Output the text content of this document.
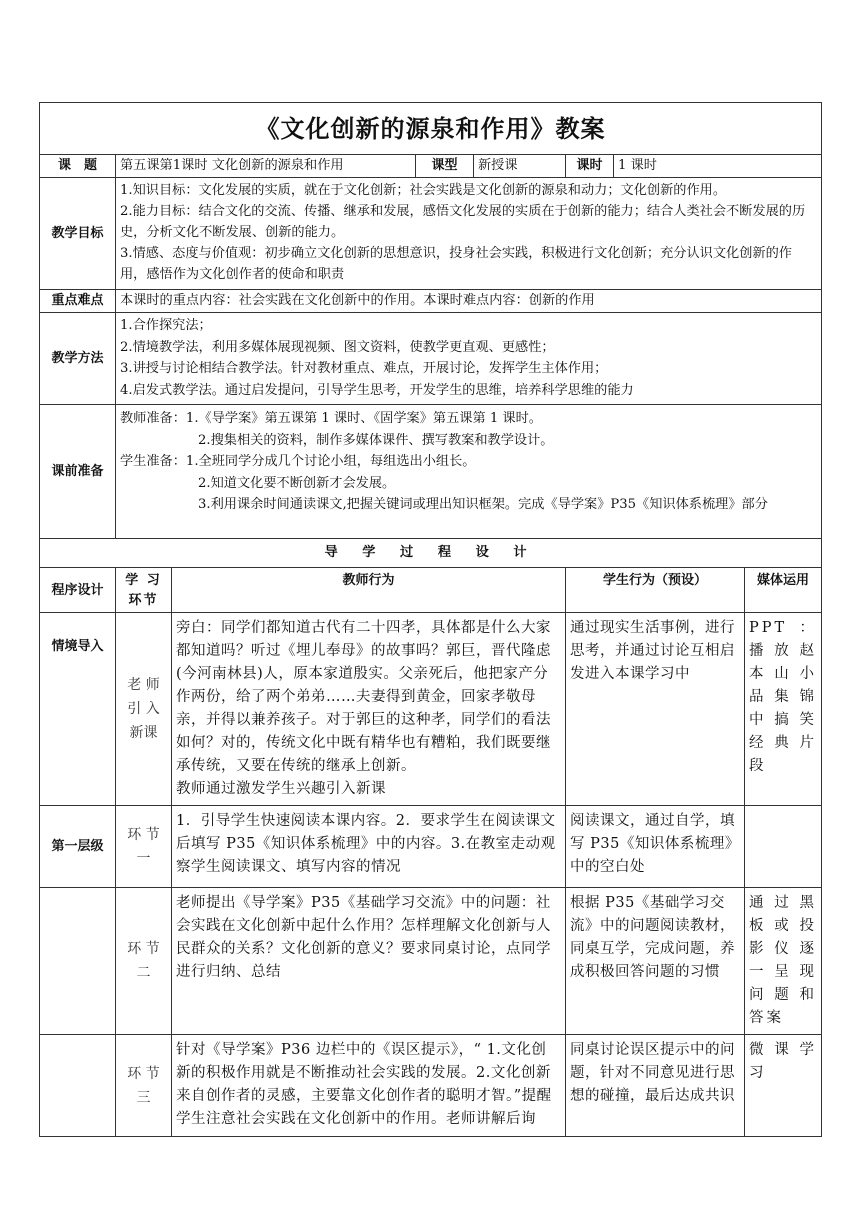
《文化创新的源泉和作用》教案							
课　题	第五课第1课时 文化创新的源泉和作用		课型	新授课	课时	1 课时	
教学目标	1.知识目标：文化发展的实质，就在于文化创新；社会实践是文化创新的源泉和动力；文化创新的作用。
2.能力目标：结合文化的交流、传播、继承和发展，感悟文化发展的实质在于创新的能力；结合人类社会不断发展的历史，分析文化不断发展、创新的能力。
3.情感、态度与价值观：初步确立文化创新的思想意识，投身社会实践，积极进行文化创新；充分认识文化创新的作用，感悟作为文化创作者的使命和职责						

重点难点	本课时的重点内容：社会实践在文化创新中的作用。本课时难点内容：创新的作用						
教学方法	1.合作探究法；
2.情境教学法，利用多媒体展现视频、图文资料，使教学更直观、更感性；
3.讲授与讨论相结合教学法。针对教材重点、难点，开展讨论，发挥学生主体作用；
4.启发式教学法。通过启发提问，引导学生思考，开发学生的思维，培养科学思维的能力						

课前准备	教师准备：1.《导学案》第五课第 1 课时、《固学案》第五课第 1 课时。
2.搜集相关的资料，制作多媒体课件、撰写教案和教学设计。
学生准备：1.全班同学分成几个讨论小组，每组选出小组长。
2.知道文化要不断创新才会发展。
3.利用课余时间通读课文,把握关键词或理出知识框架。完成《导学案》P35《知识体系梳理》部分						

导 学 过 程 设 计							
程序设计	学 习 环节	教师行为			学生行为（预设）		媒体运用
情境导入	老 师 引 入 新课	旁白：同学们都知道古代有二十四孝，具体都是什么大家都知道吗？听过《埋儿奉母》的故事吗？郭巨，晋代隆虑(今河南林县)人，原本家道殷实。父亲死后，他把家产分作两份，给了两个弟弟……夫妻得到黄金，回家孝敬母亲，并得以兼养孩子。对于郭巨的这种孝，同学们的看法如何？对的，传统文化中既有精华也有糟粕，我们既要继承传统，又要在传统的继承上创新。
教师通过激发学生兴趣引入新课			通过现实生活事例，进行思考，并通过讨论互相启发进入本课学习中		PPT：播放赵本山小品集锦中搞笑经典片段
第一层级	环 节 一	1．引导学生快速阅读本课内容。2．要求学生在阅读课文后填写 P35《知识体系梳理》中的内容。3.在教室走动观察学生阅读课文、填写内容的情况			阅读课文，通过自学，填写 P35《知识体系梳理》中的空白处		
	环 节 二	老师提出《导学案》P35《基础学习交流》中的问题：社会实践在文化创新中起什么作用？怎样理解文化创新与人民群众的关系？文化创新的意义？要求同桌讨论，点同学进行归纳、总结			根据 P35《基础学习交流》中的问题阅读教材，同桌互学，完成问题，养成积极回答问题的习惯		通过黑板或投影仪逐一呈现问题和答案
	环 节 三	针对《导学案》P36 边栏中的《误区提示》，“ 1.文化创新的积极作用就是不断推动社会实践的发展。2.文化创新来自创作者的灵感，主要靠文化创作者的聪明才智。”提醒学生注意社会实践在文化创新中的作用。老师讲解后询			同桌讨论误区提示中的问题，针对不同意见进行思想的碰撞，最后达成共识		微课学习
